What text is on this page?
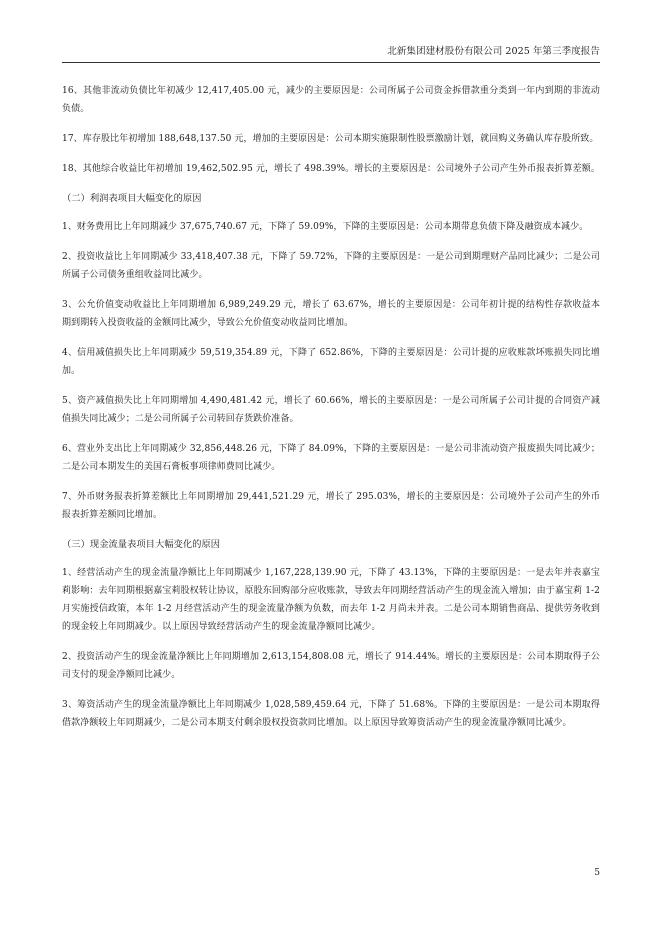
北新集团建材股份有限公司 2025 年第三季度报告
16、其他非流动负债比年初减少 12,417,405.00 元，减少的主要原因是：公司所属子公司资金拆借款重分类到一年内到期的非流动负债。
17、库存股比年初增加 188,648,137.50 元，增加的主要原因是：公司本期实施限制性股票激励计划，就回购义务确认库存股所致。
18、其他综合收益比年初增加 19,462,502.95 元，增长了 498.39%。增长的主要原因是：公司境外子公司产生外币报表折算差额。
（二）利润表项目大幅变化的原因
1、财务费用比上年同期减少 37,675,740.67 元，下降了 59.09%，下降的主要原因是：公司本期带息负债下降及融资成本减少。
2、投资收益比上年同期减少 33,418,407.38 元，下降了 59.72%，下降的主要原因是：一是公司到期理财产品同比减少；二是公司所属子公司债务重组收益同比减少。
3、公允价值变动收益比上年同期增加 6,989,249.29 元，增长了 63.67%，增长的主要原因是：公司年初计提的结构性存款收益本期到期转入投资收益的金额同比减少，导致公允价值变动收益同比增加。
4、信用减值损失比上年同期减少 59,519,354.89 元，下降了 652.86%，下降的主要原因是：公司计提的应收账款坏账损失同比增加。
5、资产减值损失比上年同期增加 4,490,481.42 元，增长了 60.66%，增长的主要原因是：一是公司所属子公司计提的合同资产减值损失同比减少；二是公司所属子公司转回存货跌价准备。
6、营业外支出比上年同期减少 32,856,448.26 元，下降了 84.09%，下降的主要原因是：一是公司非流动资产报废损失同比减少；二是公司本期发生的美国石膏板事项律师费同比减少。
7、外币财务报表折算差额比上年同期增加 29,441,521.29 元，增长了 295.03%，增长的主要原因是：公司境外子公司产生的外币报表折算差额同比增加。
（三）现金流量表项目大幅变化的原因
1、经营活动产生的现金流量净额比上年同期减少 1,167,228,139.90 元，下降了 43.13%，下降的主要原因是：一是去年并表嘉宝莉影响：去年同期根据嘉宝莉股权转让协议，原股东回购部分应收账款，导致去年同期经营活动产生的现金流入增加；由于嘉宝莉 1-2 月实施授信政策，本年 1-2 月经营活动产生的现金流量净额为负数，而去年 1-2 月尚未并表。二是公司本期销售商品、提供劳务收到的现金较上年同期减少。以上原因导致经营活动产生的现金流量净额同比减少。
2、投资活动产生的现金流量净额比上年同期增加 2,613,154,808.08 元，增长了 914.44%。增长的主要原因是：公司本期取得子公司支付的现金净额同比减少。
3、筹资活动产生的现金流量净额比上年同期减少 1,028,589,459.64 元，下降了 51.68%。下降的主要原因是：一是公司本期取得借款净额较上年同期减少，二是公司本期支付剩余股权投资款同比增加。以上原因导致筹资活动产生的现金流量净额同比减少。
5
